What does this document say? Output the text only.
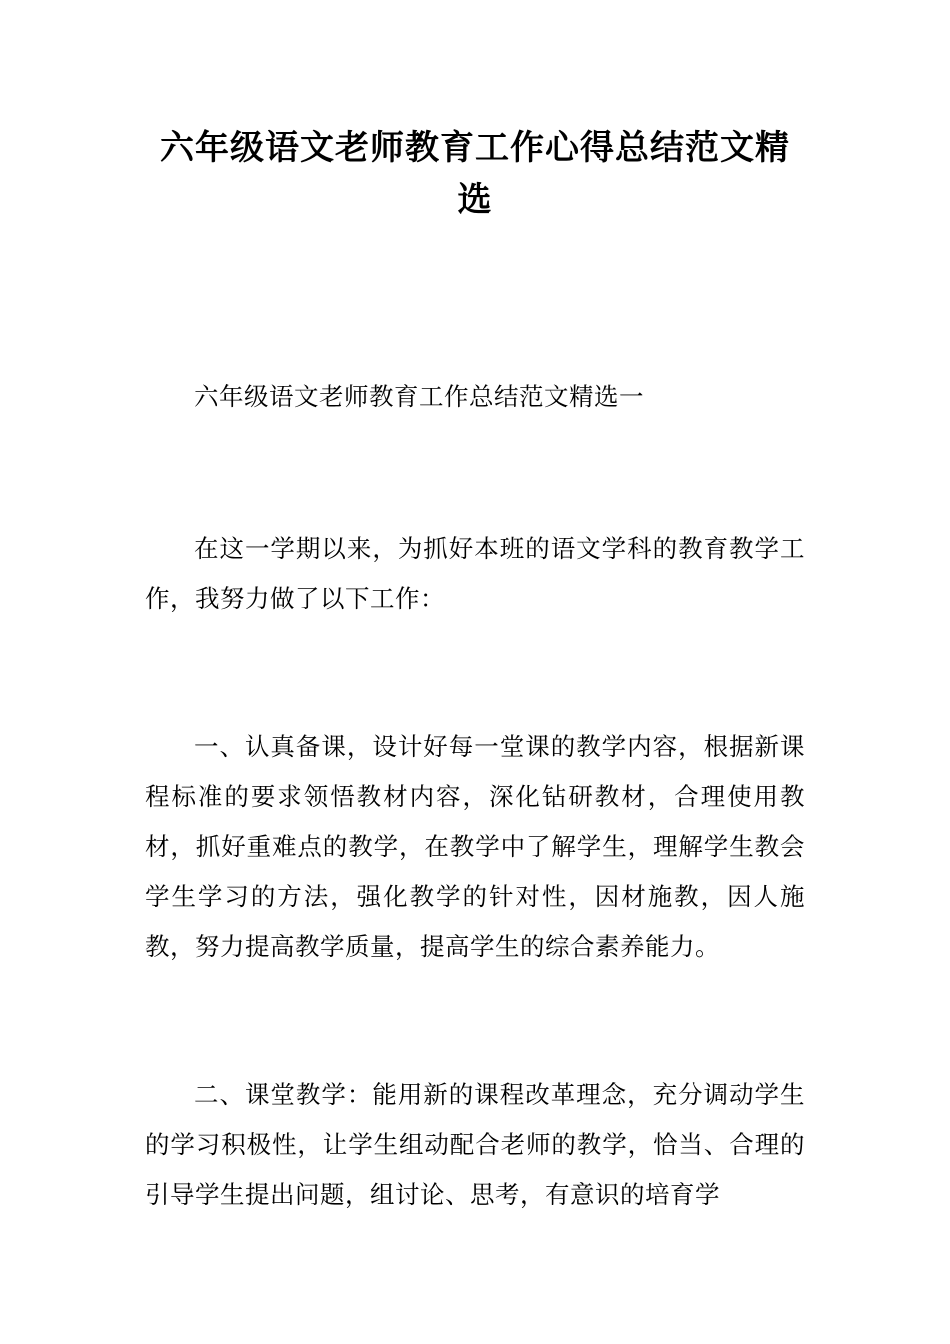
六年级语文老师教育工作心得总结范文精选

六年级语文老师教育工作总结范文精选一

在这一学期以来，为抓好本班的语文学科的教育教学工作，我努力做了以下工作：

一、认真备课，设计好每一堂课的教学内容，根据新课程标准的要求领悟教材内容，深化钻研教材，合理使用教材，抓好重难点的教学，在教学中了解学生，理解学生教会学生学习的方法，强化教学的针对性，因材施教，因人施教，努力提高教学质量，提高学生的综合素养能力。

二、课堂教学：能用新的课程改革理念，充分调动学生的学习积极性，让学生组动配合老师的教学，恰当、合理的引导学生提出问题，组讨论、思考，有意识的培育学
